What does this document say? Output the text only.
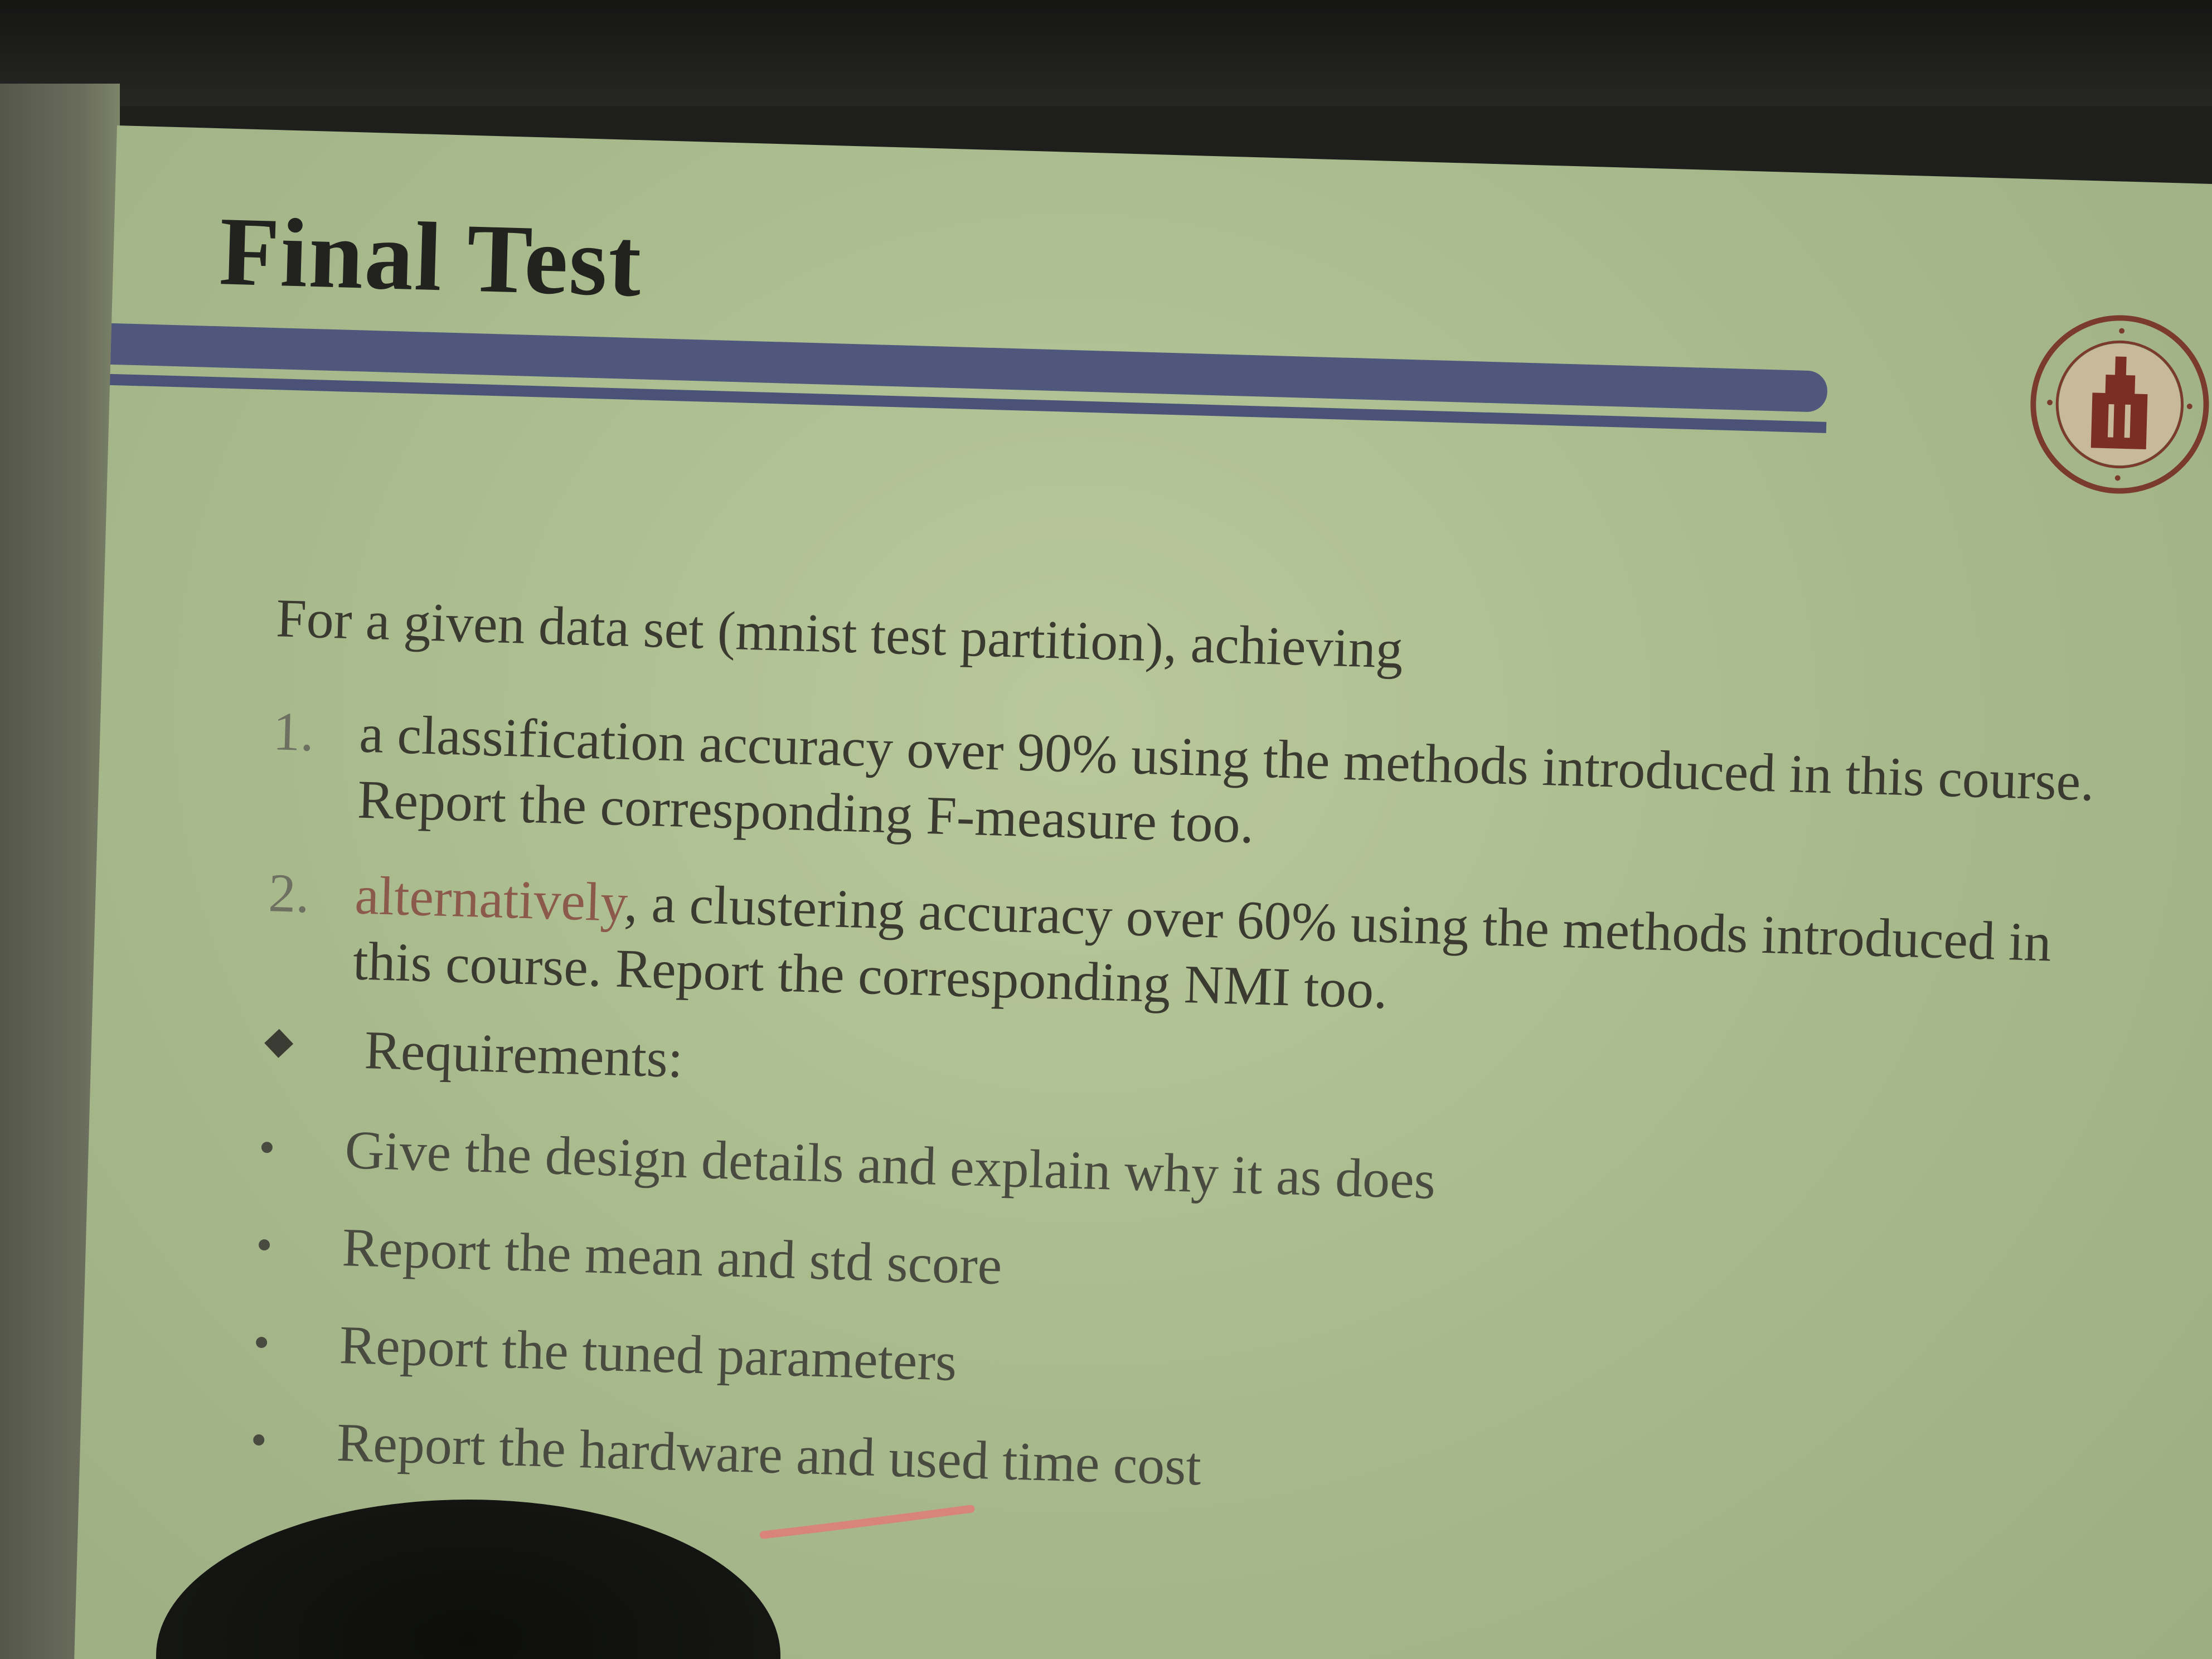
Final Test
For a given data set (mnist test partition), achieving
1. a classification accuracy over 90% using the methods introduced in this course. Report the corresponding F-measure too.
2. alternatively, a clustering accuracy over 60% using the methods introduced in this course. Report the corresponding NMI too.
Requirements:
Give the design details and explain why it as does
Report the mean and std score
Report the tuned parameters
Report the hardware and used time cost
